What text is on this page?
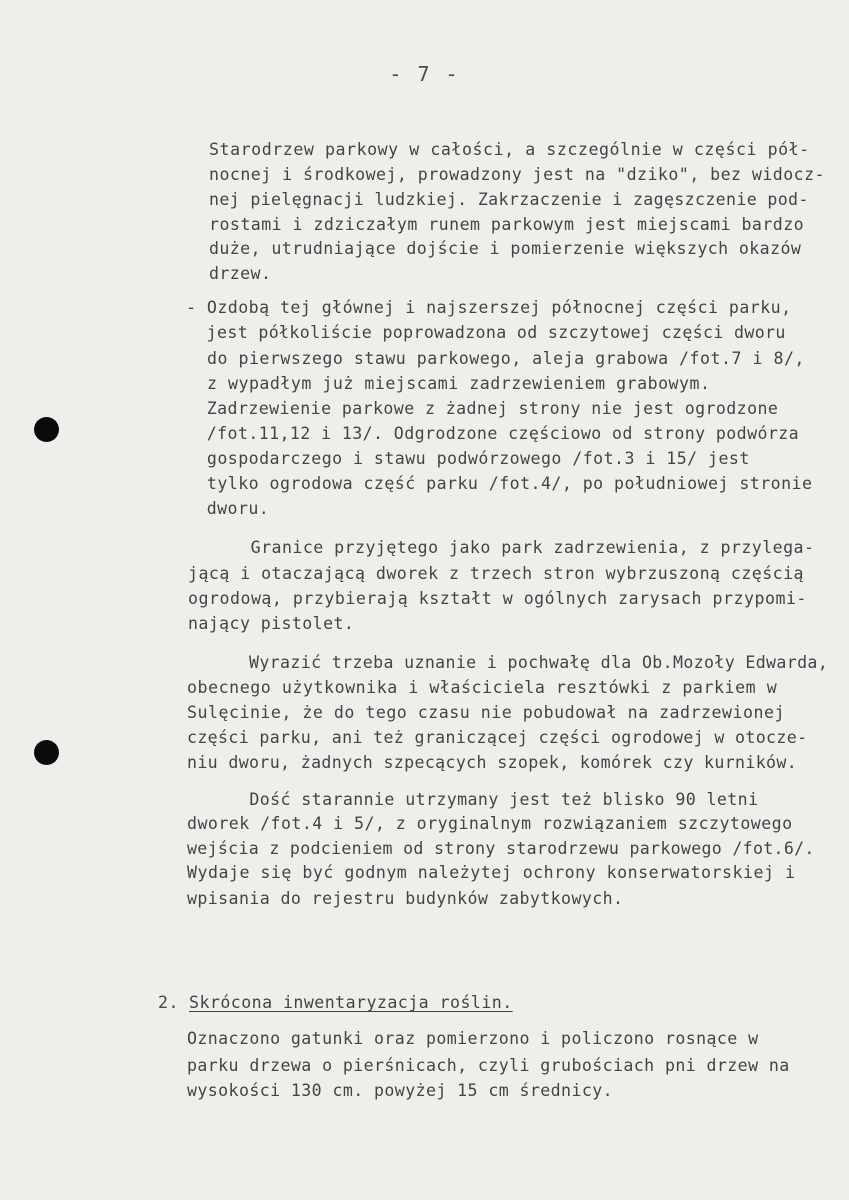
- 7 -
Starodrzew parkowy w całości, a szczególnie w części pół-
nocnej i środkowej, prowadzony jest na "dziko", bez widocz-
nej pielęgnacji ludzkiej. Zakrzaczenie i zagęszczenie pod-
rostami i zdziczałym runem parkowym jest miejscami bardzo
duże, utrudniające dojście i pomierzenie większych okazów
drzew.
- Ozdobą tej głównej i najszerszej północnej części parku,
jest półkoliście poprowadzona od szczytowej części dworu
do pierwszego stawu parkowego, aleja grabowa /fot.7 i 8/,
z wypadłym już miejscami zadrzewieniem grabowym.
Zadrzewienie parkowe z żadnej strony nie jest ogrodzone
/fot.11,12 i 13/. Odgrodzone częściowo od strony podwórza
gospodarczego i stawu podwórzowego /fot.3 i 15/ jest
tylko ogrodowa część parku /fot.4/, po południowej stronie
dworu.
Granice przyjętego jako park zadrzewienia, z przylega-
jącą i otaczającą dworek z trzech stron wybrzuszoną częścią
ogrodową, przybierają kształt w ogólnych zarysach przypomi-
nający pistolet.
Wyrazić trzeba uznanie i pochwałę dla Ob.Mozoły Edwarda,
obecnego użytkownika i właściciela resztówki z parkiem w
Sulęcinie, że do tego czasu nie pobudował na zadrzewionej
części parku, ani też graniczącej części ogrodowej w otocze-
niu dworu, żadnych szpecących szopek, komórek czy kurników.
Dość starannie utrzymany jest też blisko 90 letni
dworek /fot.4 i 5/, z oryginalnym rozwiązaniem szczytowego
wejścia z podcieniem od strony starodrzewu parkowego /fot.6/.
Wydaje się być godnym należytej ochrony konserwatorskiej i
wpisania do rejestru budynków zabytkowych.
2. Skrócona inwentaryzacja roślin.
Oznaczono gatunki oraz pomierzono i policzono rosnące w
parku drzewa o pierśnicach, czyli grubościach pni drzew na
wysokości 130 cm. powyżej 15 cm średnicy.
